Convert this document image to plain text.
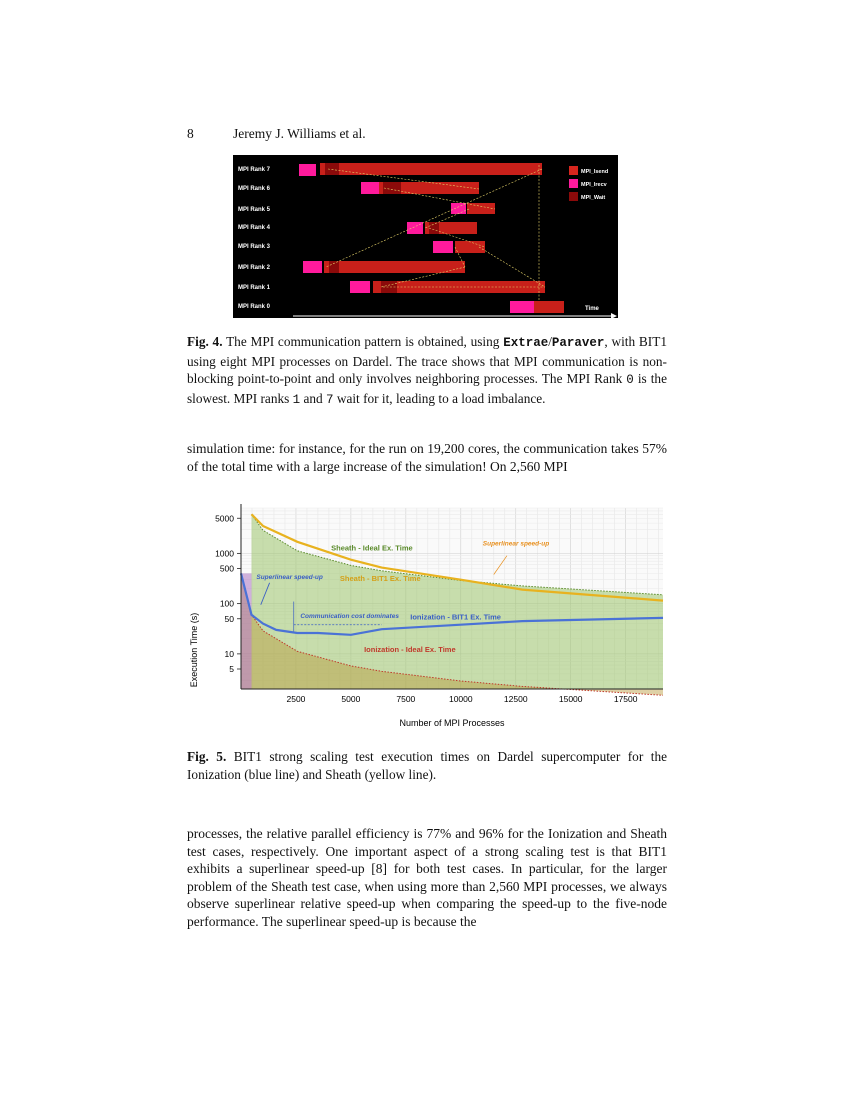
8	Jeremy J. Williams et al.
MPI Rank 7
MPI Rank 6
MPI Rank 5
MPI Rank 4
MPI Rank 3
MPI Rank 2
MPI Rank 1
MPI Rank 0	Time
MPI_Isend
MPI_Irecv
MPI_Wait
Fig. 4. The MPI communication pattern is obtained, using Extrae/Paraver, with BIT1 using eight MPI processes on Dardel. The trace shows that MPI communication is non-blocking point-to-point and only involves neighboring processes. The MPI Rank 0 is the slowest. MPI ranks 1 and 7 wait for it, leading to a load imbalance.
simulation time: for instance, for the run on 19,200 cores, the communication takes 57% of the total time with a large increase of the simulation! On 2,560 MPI
2500	5000	7500	10000	12500	15000	17500
5000
1000
500
100
50
10
5
Sheath - Ideal Ex. Time
Sheath - BIT1 Ex. Time
Superlinear speed-up
Superlinear speed-up
Communication cost dominates Ionization - BIT1 Ex. Time
Ionization - Ideal Ex. Time
Execution Time (s)
Number of MPI Processes
Fig. 5. BIT1 strong scaling test execution times on Dardel supercomputer for the Ionization (blue line) and Sheath (yellow line).
processes, the relative parallel efficiency is 77% and 96% for the Ionization and Sheath test cases, respectively. One important aspect of a strong scaling test is that BIT1 exhibits a superlinear speed-up [8] for both test cases. In particular, for the larger problem of the Sheath test case, when using more than 2,560 MPI processes, we always observe superlinear relative speed-up when comparing the speed-up to the five-node performance. The superlinear speed-up is because the
